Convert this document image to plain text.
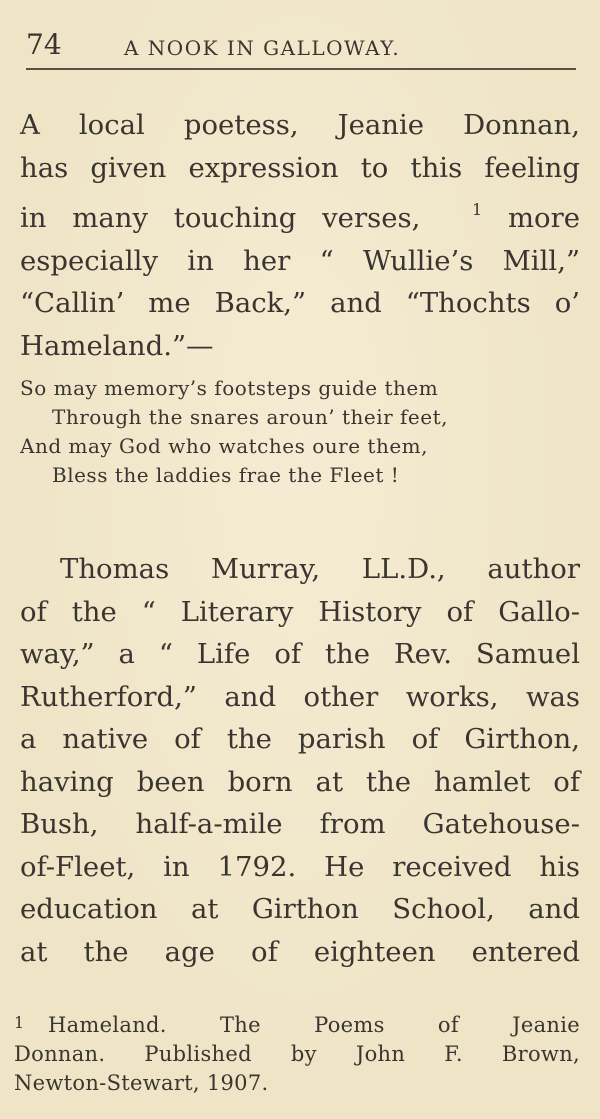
74	A NOOK IN GALLOWAY.
A local poetess, Jeanie Donnan,
has given expression to this feeling
in many touching verses,	$^1$ more
especially in her “ Wullie’s Mill,”
“Callin’ me Back,” and “Thochts o’
Hameland.”—
So may memory’s footsteps guide them
Through the snares aroun’ their feet,
And may God who watches oure them,
Bless the laddies frae the Fleet !
Thomas Murray, LL.D., author
of the “ Literary History of Gallo-
way,” a “ Life of the Rev. Samuel
Rutherford,” and other works, was
a native of the parish of Girthon,
having been born at the hamlet of
Bush, half-a-mile from Gatehouse-
of-Fleet, in 1792. He received his
education at Girthon School, and
at the age of eighteen entered
1 Hameland. The Poems of Jeanie
Donnan. Published by John F. Brown,
Newton-Stewart, 1907.
